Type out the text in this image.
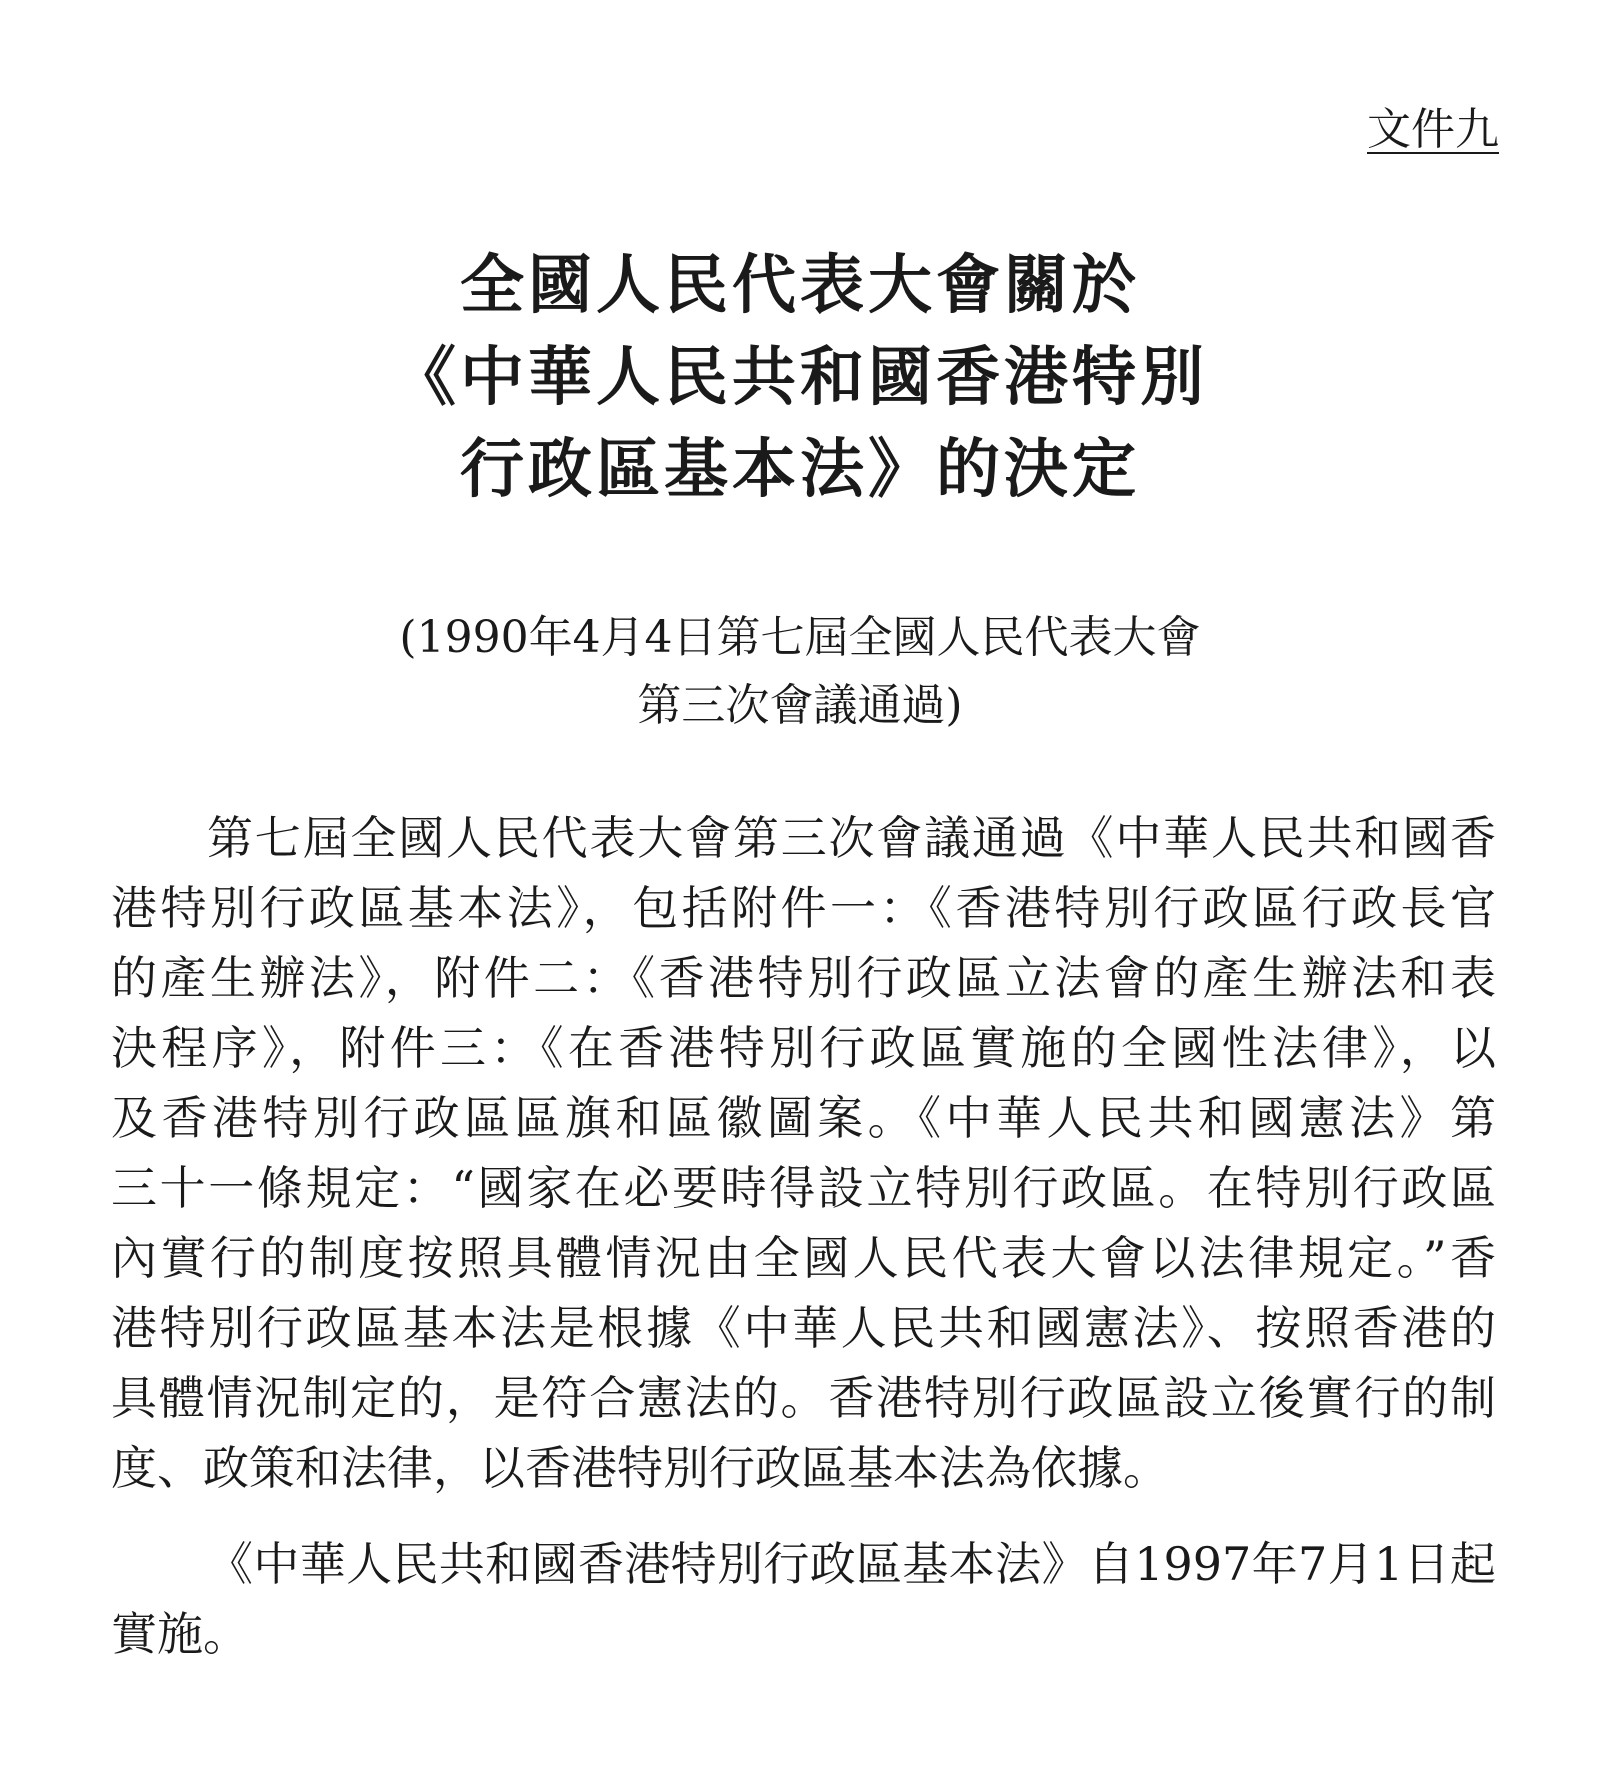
文件九
全國人民代表大會關於
《中華人民共和國香港特別
行政區基本法》的決定
(1990年4月4日第七屆全國人民代表大會
第三次會議通過)

第七屆全國人民代表大會第三次會議通過《中華人民共和國香
港特別行政區基本法》，包括附件一：《香港特別行政區行政長官
的產生辦法》，附件二：《香港特別行政區立法會的產生辦法和表
決程序》，附件三：《在香港特別行政區實施的全國性法律》，以
及香港特別行政區區旗和區徽圖案。《中華人民共和國憲法》第
三十一條規定：“國家在必要時得設立特別行政區。在特別行政區
內實行的制度按照具體情況由全國人民代表大會以法律規定。”香
港特別行政區基本法是根據《中華人民共和國憲法》、按照香港的
具體情況制定的，是符合憲法的。香港特別行政區設立後實行的制
度、政策和法律，以香港特別行政區基本法為依據。

《中華人民共和國香港特別行政區基本法》自1997年7月1日起
實施。
